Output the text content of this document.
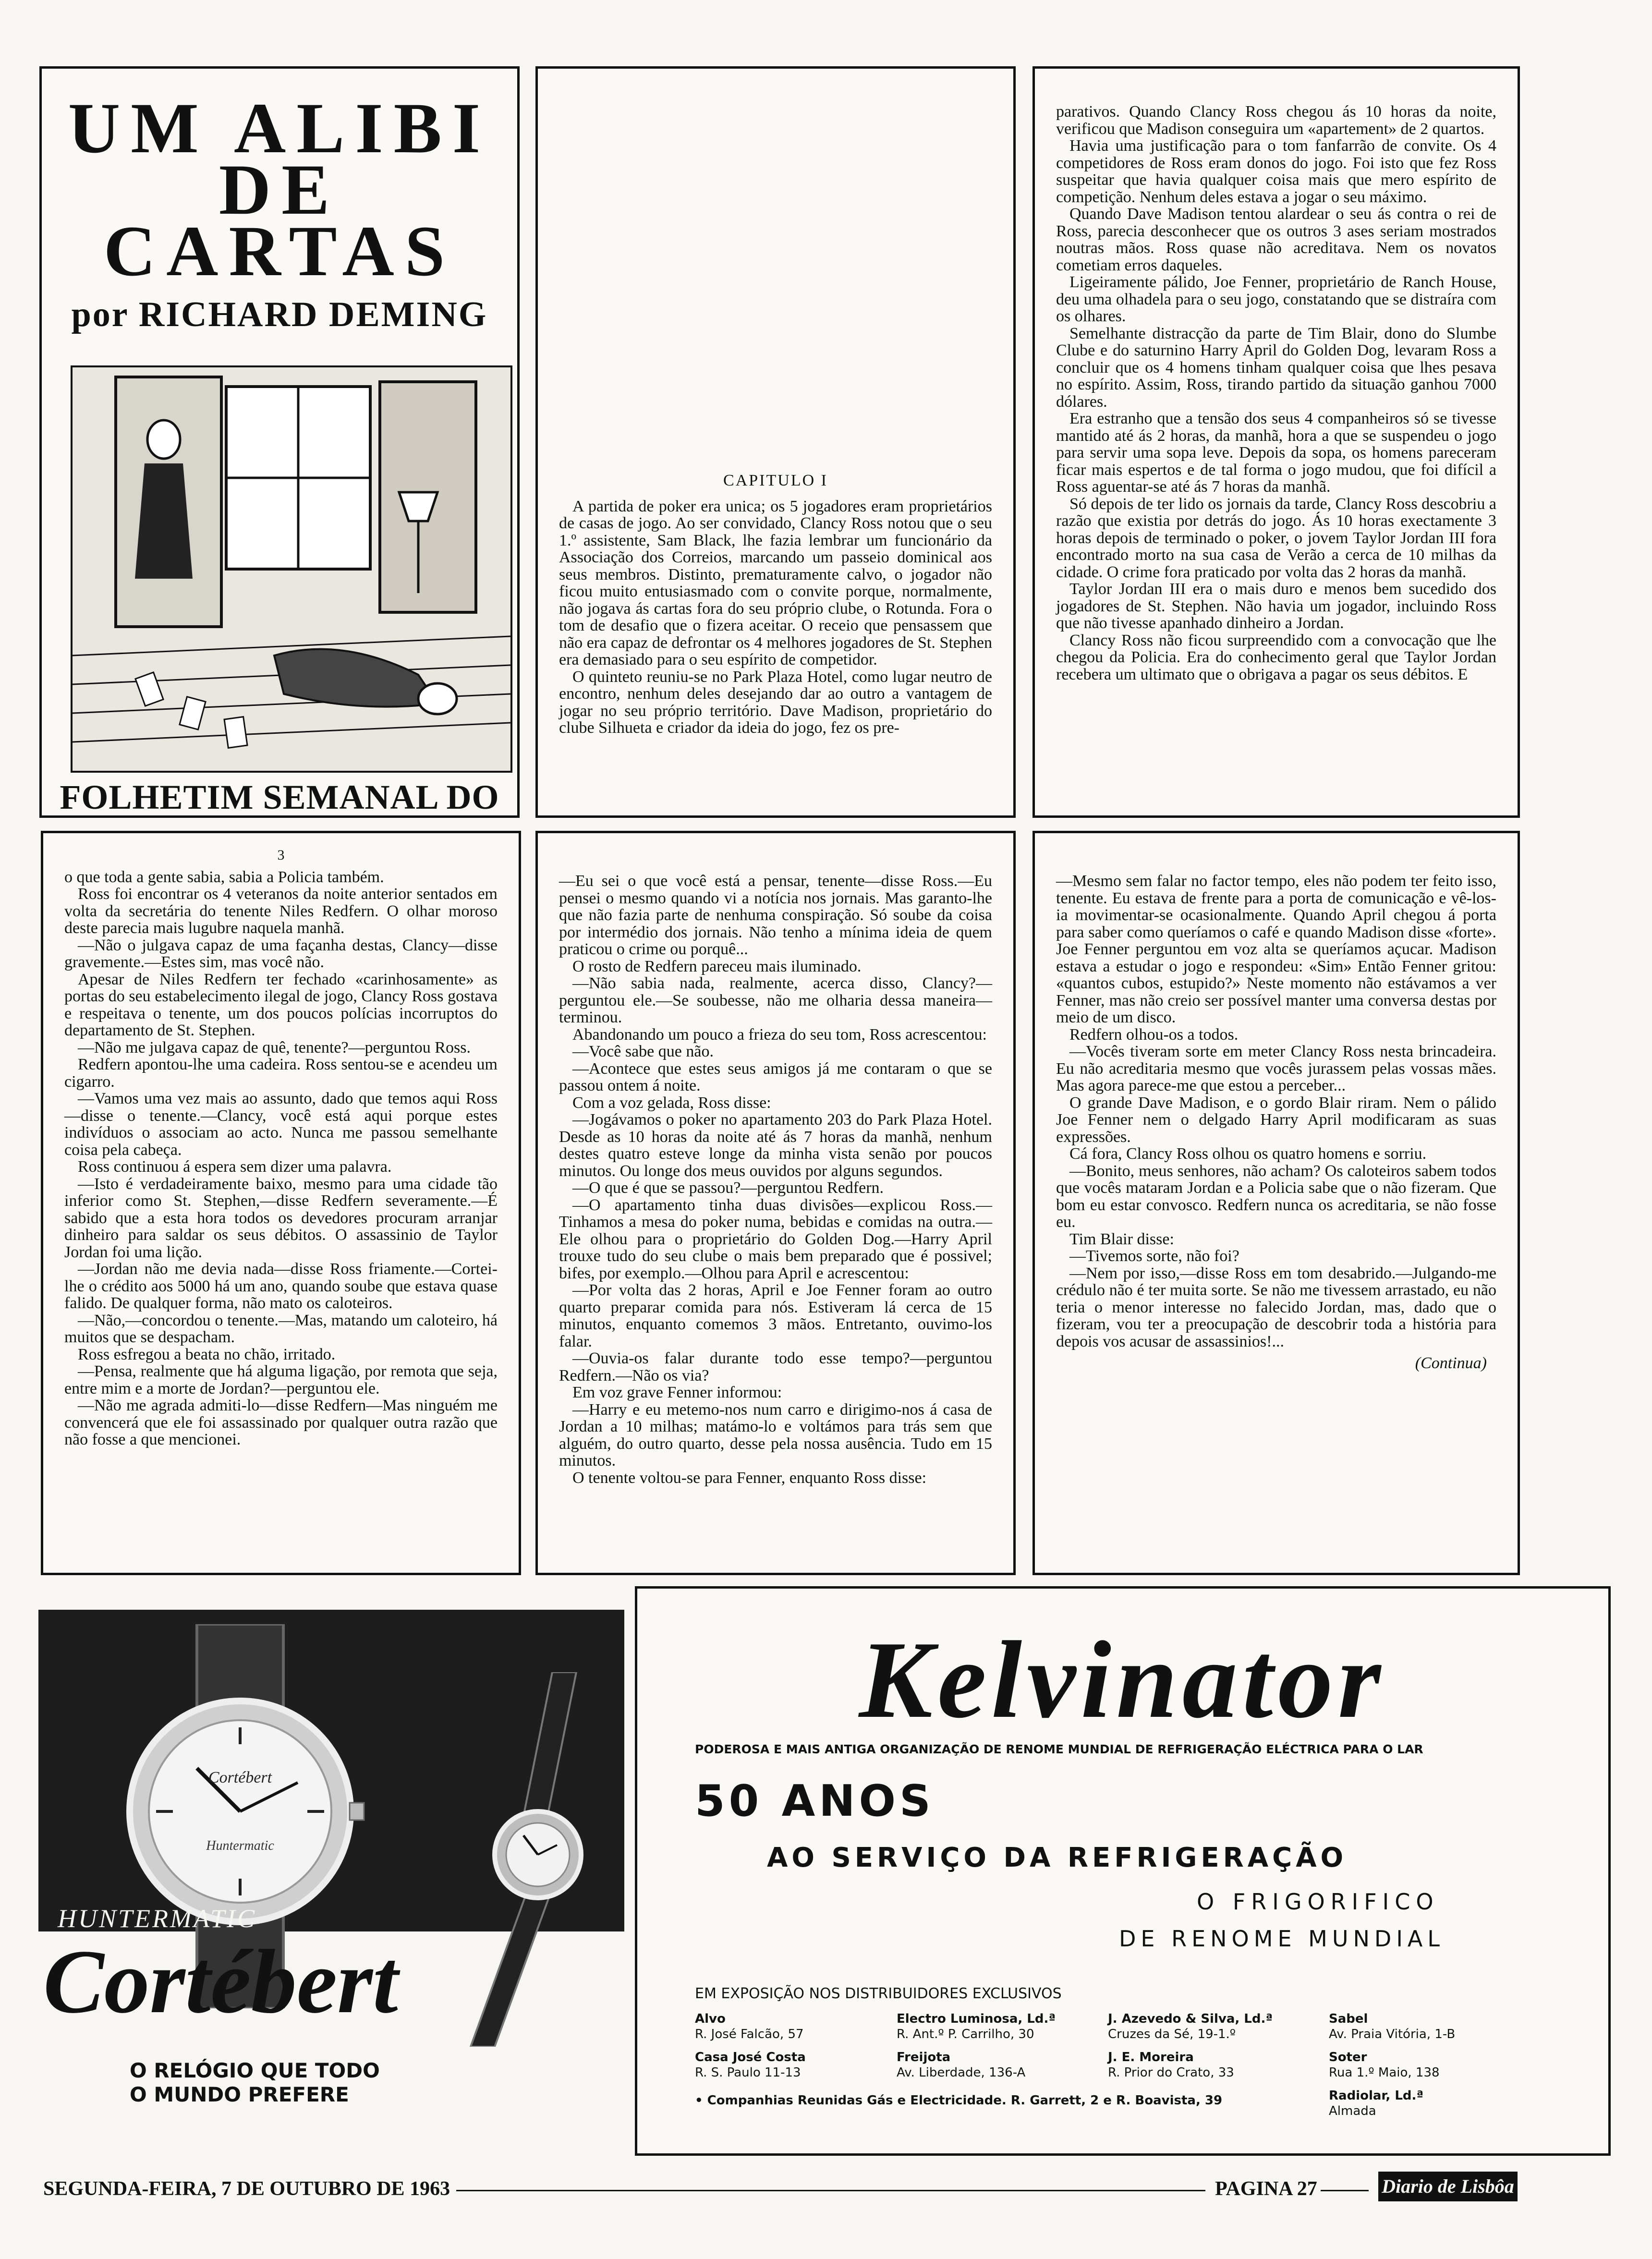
UM ALIBI
DE CARTAS
por RICHARD DEMING
FOLHETIM SEMANAL DO
CAPITULO I

A partida de poker era unica; os 5 jogadores eram proprietários de casas de jogo. Ao ser convidado, Clancy Ross notou que o seu 1.º assistente, Sam Black, lhe fazia lembrar um funcionário da Associação dos Correios, marcando um passeio dominical aos seus membros. Distinto, prematuramente calvo, o jogador não ficou muito entusiasmado com o convite porque, normalmente, não jogava ás cartas fora do seu próprio clube, o Rotunda. Fora o tom de desafio que o fizera aceitar. O receio que pensassem que não era capaz de defrontar os 4 melhores jogadores de St. Stephen era demasiado para o seu espírito de competidor.

O quinteto reuniu-se no Park Plaza Hotel, como lugar neutro de encontro, nenhum deles desejando dar ao outro a vantagem de jogar no seu próprio território. Dave Madison, proprietário do clube Silhueta e criador da ideia do jogo, fez os pre-

parativos. Quando Clancy Ross chegou ás 10 horas da noite, verificou que Madison conseguira um «apartement» de 2 quartos.

Havia uma justificação para o tom fanfarrão de convite. Os 4 competidores de Ross eram donos do jogo. Foi isto que fez Ross suspeitar que havia qualquer coisa mais que mero espírito de competição. Nenhum deles estava a jogar o seu máximo.

Quando Dave Madison tentou alardear o seu ás contra o rei de Ross, parecia desconhecer que os outros 3 ases seriam mostrados noutras mãos. Ross quase não acreditava. Nem os novatos cometiam erros daqueles.

Ligeiramente pálido, Joe Fenner, proprietário de Ranch House, deu uma olhadela para o seu jogo, constatando que se distraíra com os olhares.

Semelhante distracção da parte de Tim Blair, dono do Slumbe Clube e do saturnino Harry April do Golden Dog, levaram Ross a concluir que os 4 homens tinham qualquer coisa que lhes pesava no espírito. Assim, Ross, tirando partido da situação ganhou 7000 dólares.

Era estranho que a tensão dos seus 4 companheiros só se tivesse mantido até ás 2 horas, da manhã, hora a que se suspendeu o jogo para servir uma sopa leve. Depois da sopa, os homens pareceram ficar mais espertos e de tal forma o jogo mudou, que foi difícil a Ross aguentar-se até ás 7 horas da manhã.

Só depois de ter lido os jornais da tarde, Clancy Ross descobriu a razão que existia por detrás do jogo. Ás 10 horas exectamente 3 horas depois de terminado o poker, o jovem Taylor Jordan III fora encontrado morto na sua casa de Verão a cerca de 10 milhas da cidade. O crime fora praticado por volta das 2 horas da manhã.

Taylor Jordan III era o mais duro e menos bem sucedido dos jogadores de St. Stephen. Não havia um jogador, incluindo Ross que não tivesse apanhado dinheiro a Jordan.

Clancy Ross não ficou surpreendido com a convocação que lhe chegou da Policia. Era do conhecimento geral que Taylor Jordan recebera um ultimato que o obrigava a pagar os seus débitos. E

3

o que toda a gente sabia, sabia a Policia também.

Ross foi encontrar os 4 veteranos da noite anterior sentados em volta da secretária do tenente Niles Redfern. O olhar moroso deste parecia mais lugubre naquela manhã.

—Não o julgava capaz de uma façanha destas, Clancy—disse gravemente.—Estes sim, mas você não.

Apesar de Niles Redfern ter fechado «carinhosamente» as portas do seu estabelecimento ilegal de jogo, Clancy Ross gostava e respeitava o tenente, um dos poucos polícias incorruptos do departamento de St. Stephen.

—Não me julgava capaz de quê, tenente?—perguntou Ross.

Redfern apontou-lhe uma cadeira. Ross sentou-se e acendeu um cigarro.

—Vamos uma vez mais ao assunto, dado que temos aqui Ross—disse o tenente.—Clancy, você está aqui porque estes indivíduos o associam ao acto. Nunca me passou semelhante coisa pela cabeça.

Ross continuou á espera sem dizer uma palavra.

—Isto é verdadeiramente baixo, mesmo para uma cidade tão inferior como St. Stephen,—disse Redfern severamente.—É sabido que a esta hora todos os devedores procuram arranjar dinheiro para saldar os seus débitos. O assassinio de Taylor Jordan foi uma lição.

—Jordan não me devia nada—disse Ross friamente.—Cortei-lhe o crédito aos 5000 há um ano, quando soube que estava quase falido. De qualquer forma, não mato os caloteiros.

—Não,—concordou o tenente.—Mas, matando um caloteiro, há muitos que se despacham.

Ross esfregou a beata no chão, irritado.

—Pensa, realmente que há alguma ligação, por remota que seja, entre mim e a morte de Jordan?—perguntou ele.

—Não me agrada admiti-lo—disse Redfern—Mas ninguém me convencerá que ele foi assassinado por qualquer outra razão que não fosse a que mencionei.

—Eu sei o que você está a pensar, tenente—disse Ross.—Eu pensei o mesmo quando vi a notícia nos jornais. Mas garanto-lhe que não fazia parte de nenhuma conspiração. Só soube da coisa por intermédio dos jornais. Não tenho a mínima ideia de quem praticou o crime ou porquê...

O rosto de Redfern pareceu mais iluminado.

—Não sabia nada, realmente, acerca disso, Clancy?—perguntou ele.—Se soubesse, não me olharia dessa maneira—terminou.

Abandonando um pouco a frieza do seu tom, Ross acrescentou:

—Você sabe que não.

—Acontece que estes seus amigos já me contaram o que se passou ontem á noite.

Com a voz gelada, Ross disse:

—Jogávamos o poker no apartamento 203 do Park Plaza Hotel. Desde as 10 horas da noite até ás 7 horas da manhã, nenhum destes quatro esteve longe da minha vista senão por poucos minutos. Ou longe dos meus ouvidos por alguns segundos.

—O que é que se passou?—perguntou Redfern.

—O apartamento tinha duas divisões—explicou Ross.—Tinhamos a mesa do poker numa, bebidas e comidas na outra.—Ele olhou para o proprietário do Golden Dog.—Harry April trouxe tudo do seu clube o mais bem preparado que é possivel; bifes, por exemplo.—Olhou para April e acrescentou:

—Por volta das 2 horas, April e Joe Fenner foram ao outro quarto preparar comida para nós. Estiveram lá cerca de 15 minutos, enquanto comemos 3 mãos. Entretanto, ouvimo-los falar.

—Ouvia-os falar durante todo esse tempo?—perguntou Redfern.—Não os via?

Em voz grave Fenner informou:

—Harry e eu metemo-nos num carro e dirigimo-nos á casa de Jordan a 10 milhas; matámo-lo e voltámos para trás sem que alguém, do outro quarto, desse pela nossa ausência. Tudo em 15 minutos.

O tenente voltou-se para Fenner, enquanto Ross disse:

—Mesmo sem falar no factor tempo, eles não podem ter feito isso, tenente. Eu estava de frente para a porta de comunicação e vê-los-ia movimentar-se ocasionalmente. Quando April chegou á porta para saber como queríamos o café e quando Madison disse «forte». Joe Fenner perguntou em voz alta se queríamos açucar. Madison estava a estudar o jogo e respondeu: «Sim» Então Fenner gritou: «quantos cubos, estupido?» Neste momento não estávamos a ver Fenner, mas não creio ser possível manter uma conversa destas por meio de um disco.

Redfern olhou-os a todos.

—Vocês tiveram sorte em meter Clancy Ross nesta brincadeira. Eu não acreditaria mesmo que vocês jurassem pelas vossas mães. Mas agora parece-me que estou a perceber...

O grande Dave Madison, e o gordo Blair riram. Nem o pálido Joe Fenner nem o delgado Harry April modificaram as suas expressões.

Cá fora, Clancy Ross olhou os quatro homens e sorriu.

—Bonito, meus senhores, não acham? Os caloteiros sabem todos que vocês mataram Jordan e a Policia sabe que o não fizeram. Que bom eu estar convosco. Redfern nunca os acreditaria, se não fosse eu.

Tim Blair disse:

—Tivemos sorte, não foi?

—Nem por isso,—disse Ross em tom desabrido.—Julgando-me crédulo não é ter muita sorte. Se não me tivessem arrastado, eu não teria o menor interesse no falecido Jordan, mas, dado que o fizeram, vou ter a preocupação de descobrir toda a história para depois vos acusar de assassinios!...

(Continua)
Cortébert
Huntermatic
HUNTERMATIC
Cortébert
O RELÓGIO QUE TODO
O MUNDO PREFERE
Kelvinator
PODEROSA E MAIS ANTIGA ORGANIZAÇÃO DE RENOME MUNDIAL DE REFRIGERAÇÃO ELÉCTRICA PARA O LAR
50 ANOS
AO SERVIÇO DA REFRIGERAÇÃO
O FRIGORIFICO
DE RENOME MUNDIAL
EM EXPOSIÇÃO NOS DISTRIBUIDORES EXCLUSIVOS
Alvo
R. José Falcão, 57
Electro Luminosa, Ld.ª
R. Ant.º P. Carrilho, 30
J. Azevedo & Silva, Ld.ª
Cruzes da Sé, 19-1.º
Sabel
Av. Praia Vitória, 1-B
Casa José Costa
R. S. Paulo 11-13
Freijota
Av. Liberdade, 136-A
J. E. Moreira
R. Prior do Crato, 33
Soter
Rua 1.º Maio, 138
Radiolar, Ld.ª
Almada
• Companhias Reunidas Gás e Electricidade. R. Garrett, 2 e R. Boavista, 39
SEGUNDA-FEIRA, 7 DE OUTUBRO DE 1963	PAGINA 27	Diario de Lisbôa
